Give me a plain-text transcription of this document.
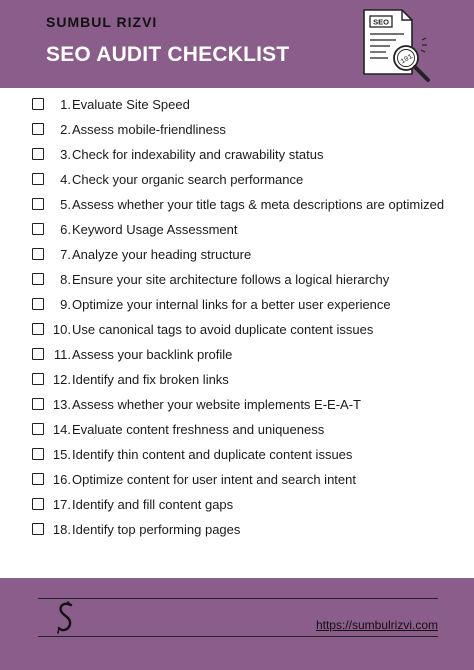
SUMBUL RIZVI
SEO AUDIT CHECKLIST
SEO
101
1. Evaluate Site Speed
2. Assess mobile-friendliness
3. Check for indexability and crawability status
4. Check your organic search performance
5. Assess whether your title tags & meta descriptions are optimized
6. Keyword Usage Assessment
7. Analyze your heading structure
8. Ensure your site architecture follows a logical hierarchy
9. Optimize your internal links for a better user experience
10. Use canonical tags to avoid duplicate content issues
11. Assess your backlink profile
12. Identify and fix broken links
13. Assess whether your website implements E-E-A-T
14. Evaluate content freshness and uniqueness
15. Identify thin content and duplicate content issues
16. Optimize content for user intent and search intent
17. Identify and fill content gaps
18. Identify top performing pages
https://sumbulrizvi.com
